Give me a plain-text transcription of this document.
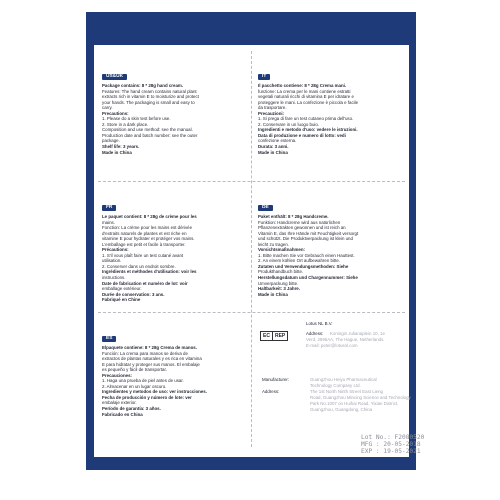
US&UK
Package contains: 8 * 28g hand cream.
Features: The hand cream contains natural plant
extracts rich in vitamin E to moisturize and protect
your hands. The packaging is small and easy to
carry.
Precautions:
1. Please do a skin test before use.
2. Store in a dark place.
Composition and use method: see the manual.
Production date and batch number: see the outer
package.
Shelf life: 3 years.
Made in China
IT
Il pacchetto contiene: 8 * 28g Crema mani.
funzione: La crema per le mani contiene estratti
vegetali naturali ricchi di vitamina E per idratare e
proteggere le mani. La confezione è piccola e facile
da trasportare.
Precauzioni:
1. Si prega di fare un test cutaneo prima dell'uso.
2. Conservare in un luogo buio.
Ingredienti e metodo d'uso: vedere le istruzioni.
Data di produzione e numero di lotto: vedi
confezione esterna.
Durata: 3 anni.
Made in China
FR
Le paquet contient: 8 * 28g de crème pour les
mains.
Fonction: La crème pour les mains est dérivée
d'extraits naturels de plantes et est riche en
vitamine E pour hydrater et protéger vos mains.
L'emballage est petit et facile à transporter.
Précautions:
1. S'il vous plaît faire un test cutané avant
utilisation.
2. Conserver dans un endroit sombre.
Ingrédients et méthodes d'utilisation: voir les
instructions.
Date de fabrication et numéro de lot: voir
emballage extérieur.
Durée de conservation: 3 ans.
Fabriqué en Chine
DE
Paket enthält: 8 * 28g Handcreme.
Funktion: Handcreme wird aus natürlichen
Pflanzenextrakten gewonnen und ist reich an
Vitamin E, das Ihre Hände mit Feuchtigkeit versorgt
und schützt. Die Produktverpackung ist klein und
leicht zu tragen.
Vorsichtsmaßnahmen:
1. Bitte machen Sie vor Gebrauch einen Hauttest.
2. An einem kühlen Ort aufbewahren bitte.
Zutaten und Verwendungsmethoden: Siehe
Produkthandbuch bitte.
Herstellungsdatum und Chargennummer: Siehe
Umverpackung bitte.
Haltbarkeit: 3 Jahre.
Made in China
ES
Elpaquete contiene: 8 * 28g Crema de manos.
Función: La crema para manos se deriva de
extractos de plantas naturales y es rica en vitamina
E para hidratar y proteger sus manos. El embalaje
es pequeño y fácil de transportar.
Precauciones:
1. Haga una prueba de piel antes de usar.
2. Almacenar en un lugar oscuro.
Ingredientes y metodos de uso: ver instrucciones.
Fecha de producción y número de lote: ver
embalaje exterior.
Período de garantía: 3 años.
Fabricado en China
EC	REP
Lotus NL B.V.
Address: Koningin Julianaplein 10, 1e
Verd, 2595AA, The Hague, Netherlands.
E-mail: peter@lotusnl.com
Manufacturer:	Guangzhou Heiyu Pharmaceutical
Technology Company Ltd.
Address:	The 1st North Ninth Street East Lieng
Road, Guangzhou Mincing Science and Technology
Park No.1007 on Huihai Road, Yixian District,
Guangzhou, Guangdong, China
Lot No.: F2080520
MFG : 20-05-2018
EXP : 19-05-2021
